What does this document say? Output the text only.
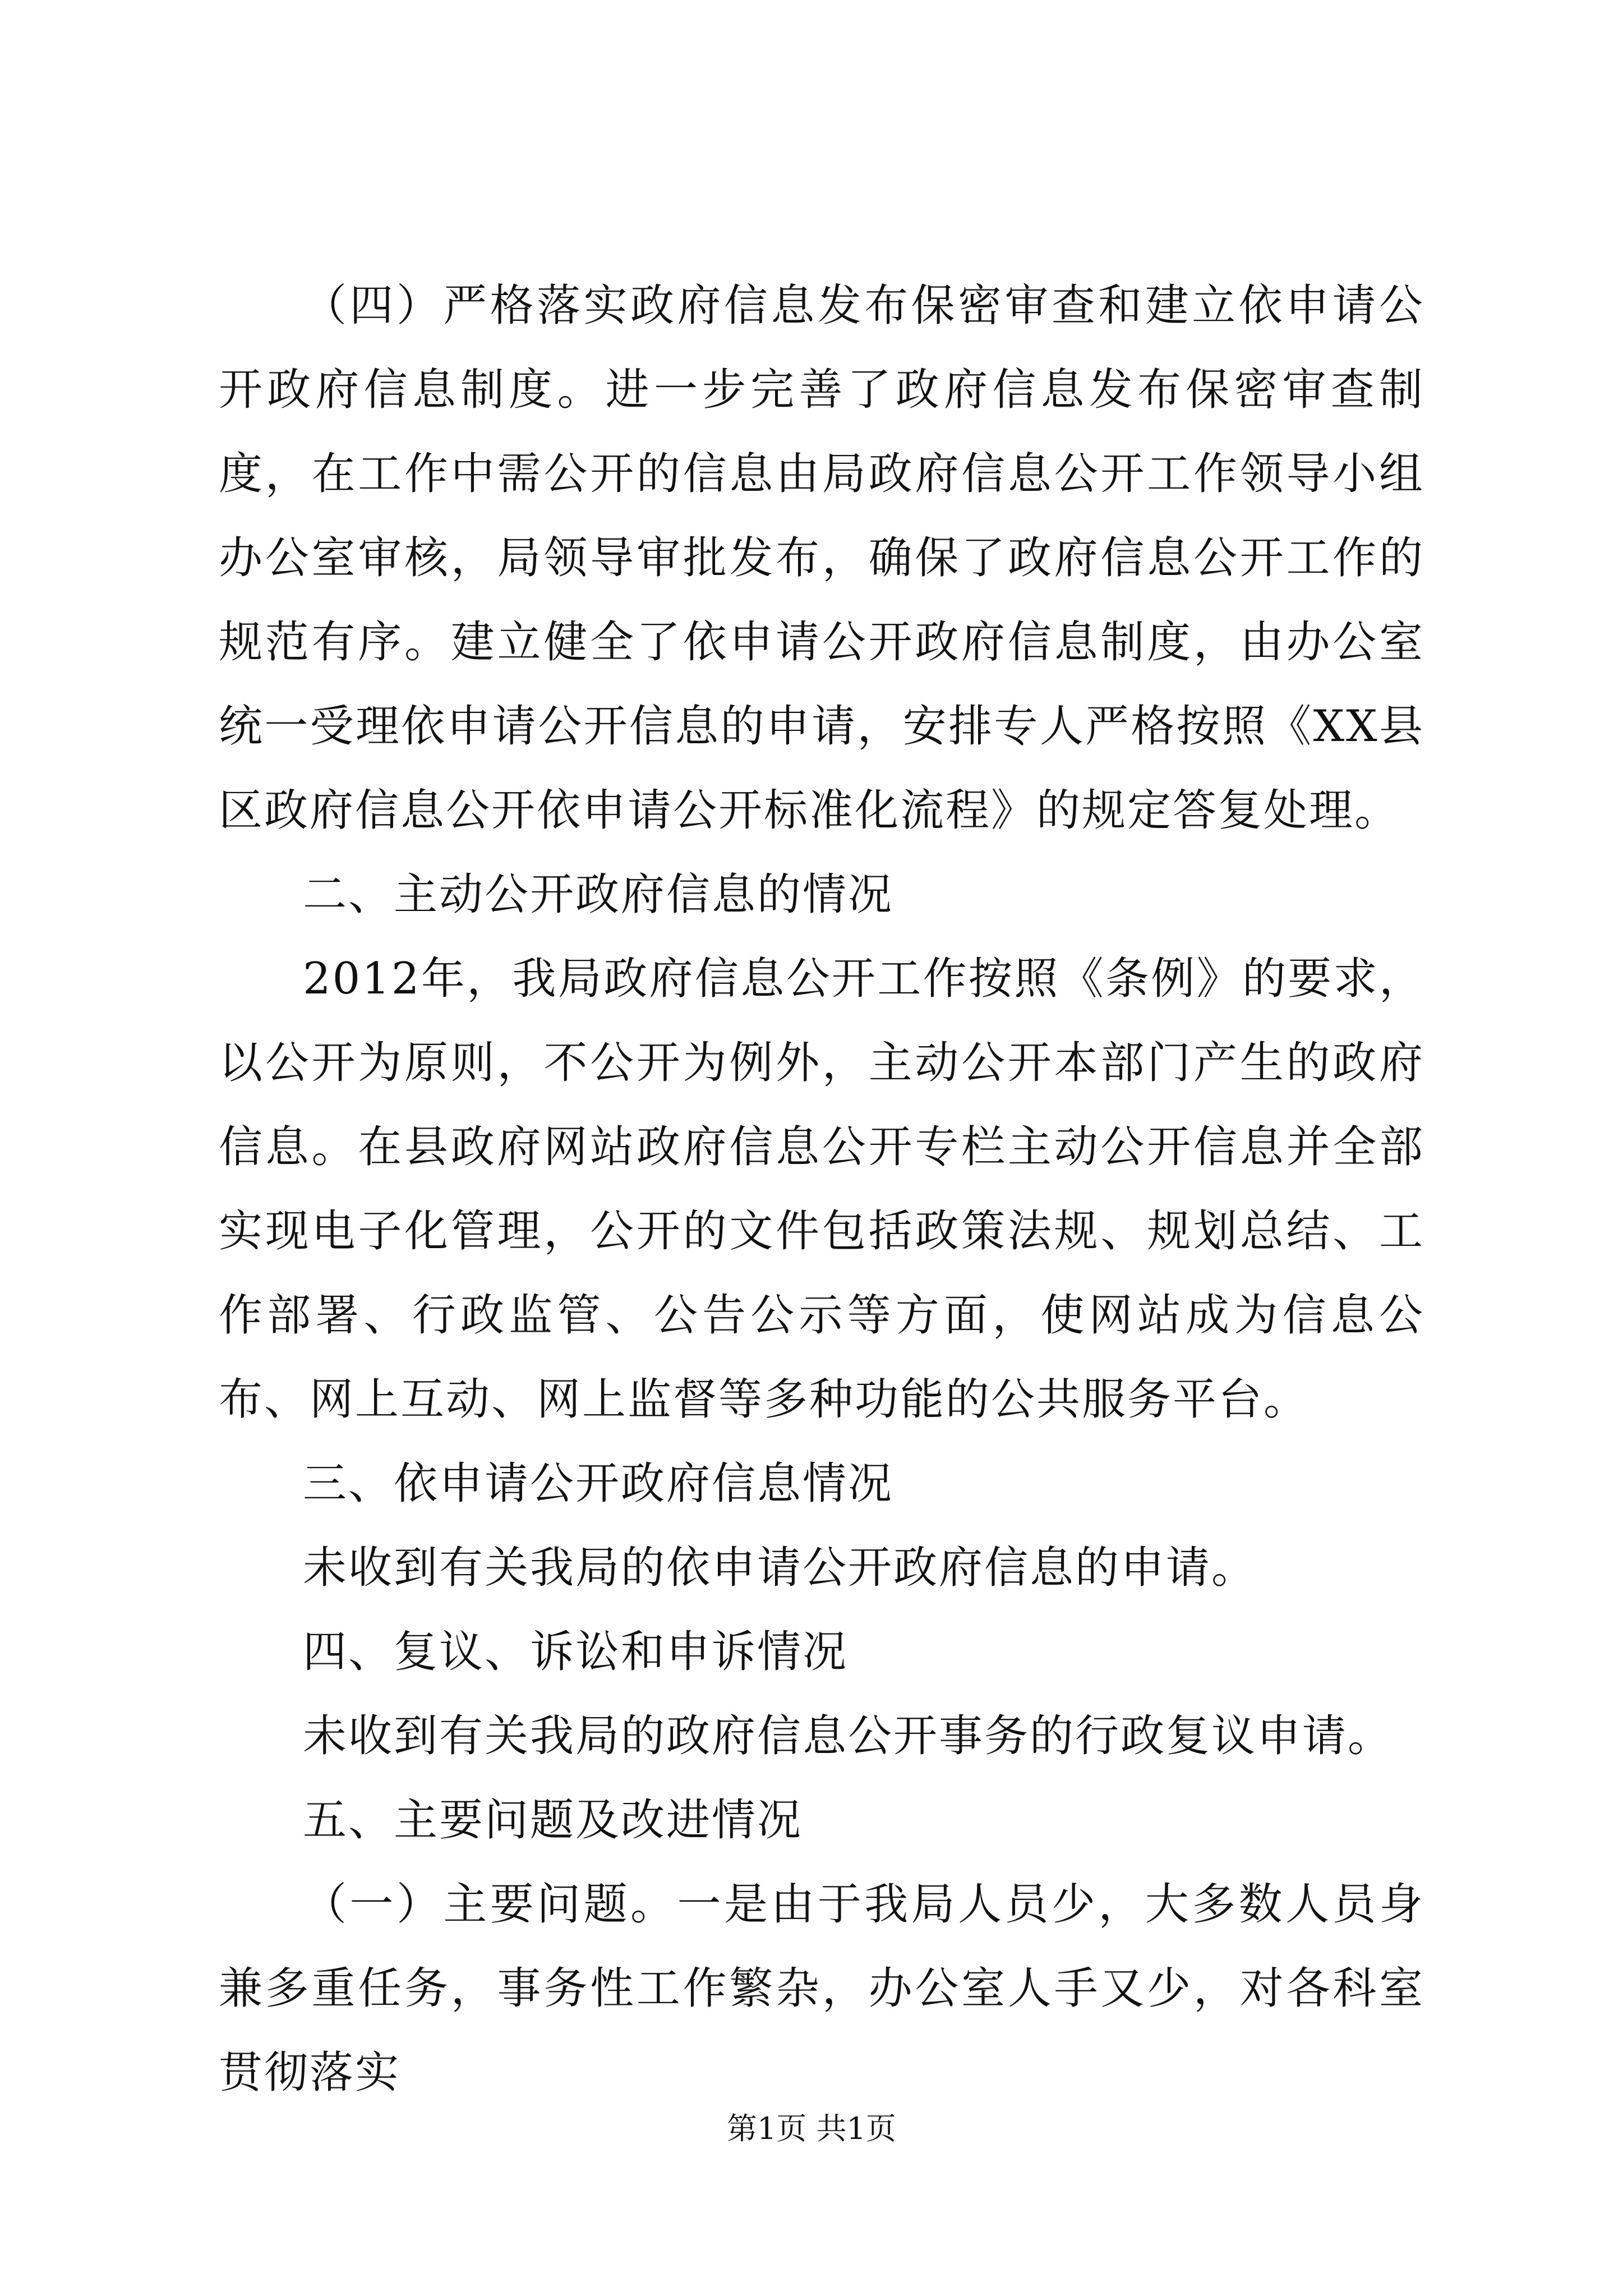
（四）严格落实政府信息发布保密审查和建立依申请公开政府信息制度。进一步完善了政府信息发布保密审查制度，在工作中需公开的信息由局政府信息公开工作领导小组办公室审核，局领导审批发布，确保了政府信息公开工作的规范有序。建立健全了依申请公开政府信息制度，由办公室统一受理依申请公开信息的申请，安排专人严格按照《XX县区政府信息公开依申请公开标准化流程》的规定答复处理。

二、主动公开政府信息的情况

2012年，我局政府信息公开工作按照《条例》的要求，以公开为原则，不公开为例外，主动公开本部门产生的政府信息。在县政府网站政府信息公开专栏主动公开信息并全部实现电子化管理，公开的文件包括政策法规、规划总结、工作部署、行政监管、公告公示等方面，使网站成为信息公布、网上互动、网上监督等多种功能的公共服务平台。

三、依申请公开政府信息情况

未收到有关我局的依申请公开政府信息的申请。

四、复议、诉讼和申诉情况

未收到有关我局的政府信息公开事务的行政复议申请。

五、主要问题及改进情况

（一）主要问题。一是由于我局人员少，大多数人员身兼多重任务，事务性工作繁杂，办公室人手又少，对各科室贯彻落实

第1页 共1页
